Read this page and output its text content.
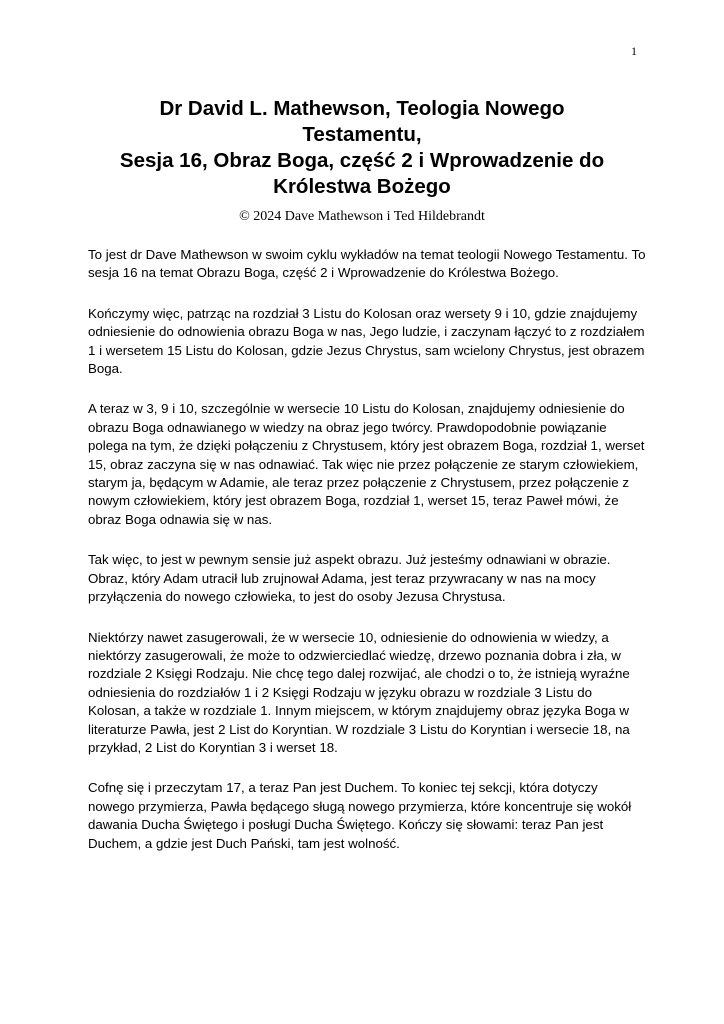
1
Dr David L. Mathewson, Teologia Nowego
Testamentu,
Sesja 16, Obraz Boga, część 2 i Wprowadzenie do
Królestwa Bożego

© 2024 Dave Mathewson i Ted Hildebrandt

To jest dr Dave Mathewson w swoim cyklu wykładów na temat teologii Nowego Testamentu. To sesja 16 na temat Obrazu Boga, część 2 i Wprowadzenie do Królestwa Bożego.

Kończymy więc, patrząc na rozdział 3 Listu do Kolosan oraz wersety 9 i 10, gdzie znajdujemy odniesienie do odnowienia obrazu Boga w nas, Jego ludzie, i zaczynam łączyć to z rozdziałem 1 i wersetem 15 Listu do Kolosan, gdzie Jezus Chrystus, sam wcielony Chrystus, jest obrazem Boga.

A teraz w 3, 9 i 10, szczególnie w wersecie 10 Listu do Kolosan, znajdujemy odniesienie do obrazu Boga odnawianego w wiedzy na obraz jego twórcy. Prawdopodobnie powiązanie polega na tym, że dzięki połączeniu z Chrystusem, który jest obrazem Boga, rozdział 1, werset 15, obraz zaczyna się w nas odnawiać. Tak więc nie przez połączenie ze starym człowiekiem, starym ja, będącym w Adamie, ale teraz przez połączenie z Chrystusem, przez połączenie z nowym człowiekiem, który jest obrazem Boga, rozdział 1, werset 15, teraz Paweł mówi, że obraz Boga odnawia się w nas.

Tak więc, to jest w pewnym sensie już aspekt obrazu. Już jesteśmy odnawiani w obrazie. Obraz, który Adam utracił lub zrujnował Adama, jest teraz przywracany w nas na mocy przyłączenia do nowego człowieka, to jest do osoby Jezusa Chrystusa.

Niektórzy nawet zasugerowali, że w wersecie 10, odniesienie do odnowienia w wiedzy, a niektórzy zasugerowali, że może to odzwierciedlać wiedzę, drzewo poznania dobra i zła, w rozdziale 2 Księgi Rodzaju. Nie chcę tego dalej rozwijać, ale chodzi o to, że istnieją wyraźne odniesienia do rozdziałów 1 i 2 Księgi Rodzaju w języku obrazu w rozdziale 3 Listu do Kolosan, a także w rozdziale 1. Innym miejscem, w którym znajdujemy obraz języka Boga w literaturze Pawła, jest 2 List do Koryntian. W rozdziale 3 Listu do Koryntian i wersecie 18, na przykład, 2 List do Koryntian 3 i werset 18.

Cofnę się i przeczytam 17, a teraz Pan jest Duchem. To koniec tej sekcji, która dotyczy nowego przymierza, Pawła będącego sługą nowego przymierza, które koncentruje się wokół dawania Ducha Świętego i posługi Ducha Świętego. Kończy się słowami: teraz Pan jest Duchem, a gdzie jest Duch Pański, tam jest wolność.
